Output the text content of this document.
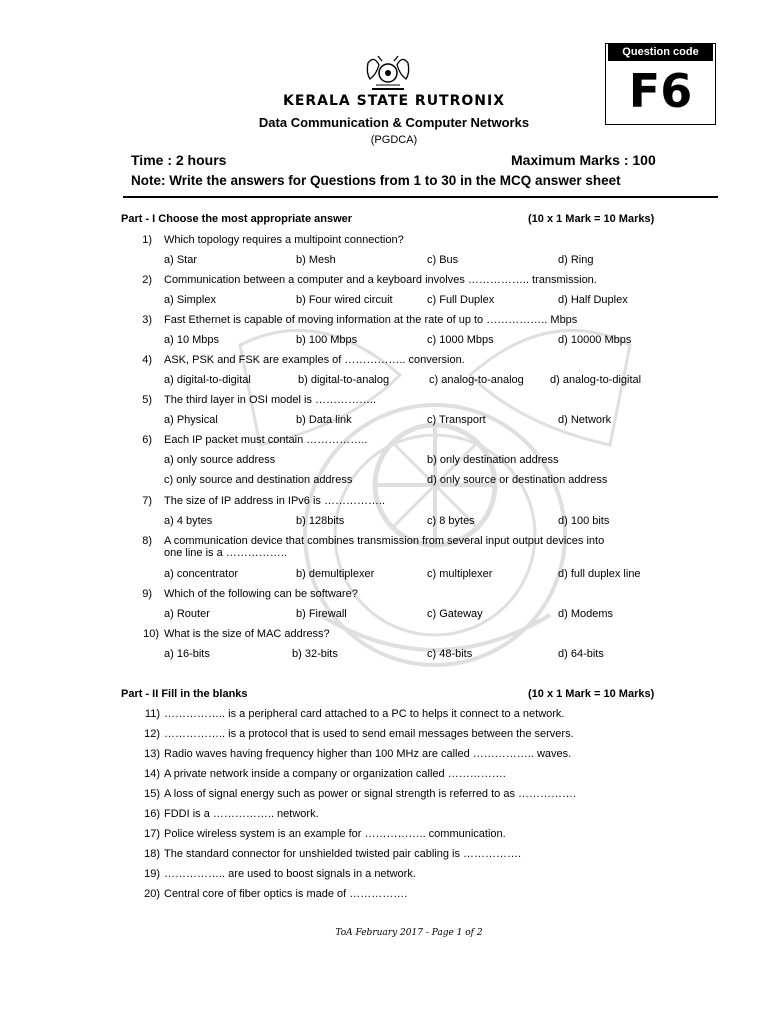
Question code
F6
KERALA STATE RUTRONIX
Data Communication & Computer Networks
(PGDCA)
Time : 2 hours	Maximum Marks : 100
Note: Write the answers for Questions from 1 to 30 in the MCQ answer sheet
Part - I Choose the most appropriate answer	(10 x 1 Mark = 10 Marks)
1) Which topology requires a multipoint connection?
a) Star	b) Mesh	c) Bus	d) Ring
2) Communication between a computer and a keyboard involves …………….. transmission.
a) Simplex	b) Four wired circuit	c) Full Duplex	d) Half Duplex
3) Fast Ethernet is capable of moving information at the rate of up to …………….. Mbps
a) 10 Mbps	b) 100 Mbps	c) 1000 Mbps	d) 10000 Mbps
4) ASK, PSK and FSK are examples of …………….. conversion.
a) digital-to-digital	b) digital-to-analog	c) analog-to-analog d) analog-to-digital
5) The third layer in OSI model is ……………..
a) Physical	b) Data link	c) Transport	d) Network
6) Each IP packet must contain ……………..
a) only source address	b) only destination address
c) only source and destination address	d) only source or destination address
7) The size of IP address in IPv6 is ……………..
a) 4 bytes	b) 128bits	c) 8 bytes	d) 100 bits
8) A communication device that combines transmission from several input output devices into
one line is a ……………..
a) concentrator	b) demultiplexer	c) multiplexer	d) full duplex line
9) Which of the following can be software?
a) Router	b) Firewall	c) Gateway	d) Modems
10) What is the size of MAC address?
a) 16-bits	b) 32-bits	c) 48-bits	d) 64-bits
Part - II Fill in the blanks	(10 x 1 Mark = 10 Marks)
11) …………….. is a peripheral card attached to a PC to helps it connect to a network.
12) …………….. is a protocol that is used to send email messages between the servers.
13) Radio waves having frequency higher than 100 MHz are called …………….. waves.
14) A private network inside a company or organization called …………….
15) A loss of signal energy such as power or signal strength is referred to as …………….
16) FDDI is a …………….. network.
17) Police wireless system is an example for …………….. communication.
18) The standard connector for unshielded twisted pair cabling is …………….
19) …………….. are used to boost signals in a network.
20) Central core of fiber optics is made of …………….
ToA February 2017 - Page 1 of 2
